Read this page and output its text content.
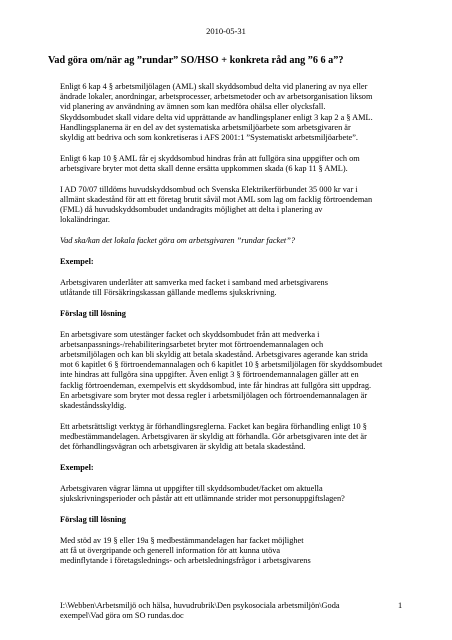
2010-05-31
Vad göra om/när ag ”rundar” SO/HSO + konkreta råd ang ”6 6 a”?

Enligt 6 kap 4 § arbetsmiljölagen (AML) skall skyddsombud delta vid planering av nya eller
ändrade lokaler, anordningar, arbetsprocesser, arbetsmetoder och av arbetsorganisation liksom
vid planering av användning av ämnen som kan medföra ohälsa eller olycksfall.
Skyddsombudet skall vidare delta vid upprättande av handlingsplaner enligt 3 kap 2 a § AML.
Handlingsplanerna är en del av det systematiska arbetsmiljöarbete som arbetsgivaren är
skyldig att bedriva och som konkretiseras i AFS 2001:1 ”Systematiskt arbetsmiljöarbete”.

Enligt 6 kap 10 § AML får ej skyddsombud hindras från att fullgöra sina uppgifter och om
arbetsgivare bryter mot detta skall denne ersätta uppkommen skada (6 kap 11 § AML).

I AD 70/07 tilldöms huvudskyddsombud och Svenska Elektrikerförbundet 35 000 kr var i
allmänt skadestånd för att ett företag brutit såväl mot AML som lag om facklig förtroendeman
(FML) då huvudskyddsombudet undandragits möjlighet att delta i planering av
lokaländringar.

Vad ska/kan det lokala facket göra om arbetsgivaren ”rundar facket”?

Exempel:

Arbetsgivaren underlåter att samverka med facket i samband med arbetsgivarens
utlåtande till Försäkringskassan gällande medlems sjukskrivning.

Förslag till lösning

En arbetsgivare som utestänger facket och skyddsombudet från att medverka i
arbetsanpassnings-/rehabiliteringsarbetet bryter mot förtroendemannalagen och
arbetsmiljölagen och kan bli skyldig att betala skadestånd. Arbetsgivares agerande kan strida
mot 6 kapitlet 6 § förtroendemannalagen och 6 kapitlet 10 § arbetsmiljölagen för skyddsombudet
inte hindras att fullgöra sina uppgifter. Även enligt 3 § förtroendemannalagen gäller att en
facklig förtroendeman, exempelvis ett skyddsombud, inte får hindras att fullgöra sitt uppdrag.
En arbetsgivare som bryter mot dessa regler i arbetsmiljölagen och förtroendemannalagen är
skadeståndsskyldig.

Ett arbetsrättsligt verktyg är förhandlingsreglerna. Facket kan begära förhandling enligt 10 §
medbestämmandelagen. Arbetsgivaren är skyldig att förhandla. Gör arbetsgivaren inte det är
det förhandlingsvägran och arbetsgivaren är skyldig att betala skadestånd.

Exempel:

Arbetsgivaren vägrar lämna ut uppgifter till skyddsombudet/facket om aktuella
sjukskrivningsperioder och påstår att ett utlämnande strider mot personuppgiftslagen?

Förslag till lösning

Med stöd av 19 § eller 19a § medbestämmandelagen har facket möjlighet
att få ut övergripande och generell information för att kunna utöva
medinflytande i företagslednings- och arbetsledningsfrågor i arbetsgivarens

I:\Webben\Arbetsmiljö och hälsa, huvudrubrik\Den psykosociala arbetsmiljön\Goda
exempel\Vad göra om SO rundas.doc
1
